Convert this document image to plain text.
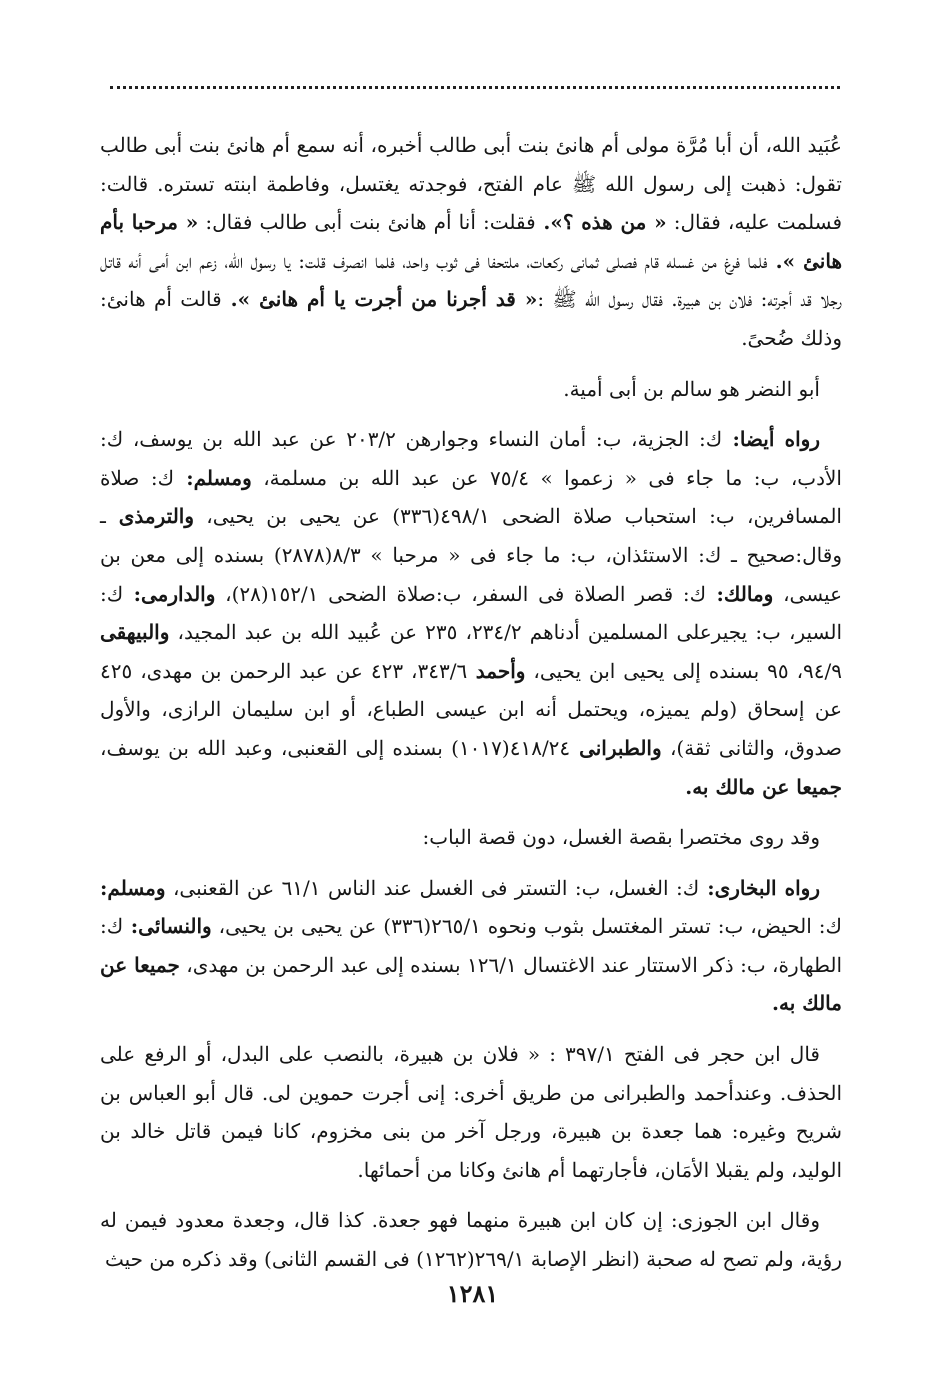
عُبَيد الله، أن أبا مُرَّة مولى أم هانئ بنت أبى طالب أخبره، أنه سمع أم هانئ بنت أبى طالب تقول: ذهبت إلى رسول الله ﷺ عام الفتح، فوجدته يغتسل، وفاطمة ابنته تستره. قالت: فسلمت عليه، فقال: « من هذه ؟». فقلت: أنا أم هانئ بنت أبى طالب فقال: « مرحبا بأم هانئ ». فلما فرغ من غسله قام فصلى ثمانى ركعات، ملتحفا فى ثوب واحد، فلما انصرف قلت: يا رسول الله، زعم ابن أمى أنه قاتل رجلا قد أجرته: فلان بن هبيرة. فقال رسول الله ﷺ :« قد أجرنا من أجرت يا أم هانئ ». قالت أم هانئ: وذلك ضُحىً.

أبو النضر هو سالم بن أبى أمية.

رواه أيضا: ك: الجزية، ب: أمان النساء وجوارهن ٢٠٣/٢ عن عبد الله بن يوسف، ك: الأدب، ب: ما جاء فى « زعموا » ٧٥/٤ عن عبد الله بن مسلمة، ومسلم: ك: صلاة المسافرين، ب: استحباب صلاة الضحى ٤٩٨/١(٣٣٦) عن يحيى بن يحيى، والترمذى ـ وقال:صحيح ـ ك: الاستئذان، ب: ما جاء فى « مرحبا » ٨/٣(٢٨٧٨) بسنده إلى معن بن عيسى، ومالك: ك: قصر الصلاة فى السفر، ب:صلاة الضحى ١٥٢/١(٢٨)، والدارمى: ك: السير، ب: يجيرعلى المسلمين أدناهم ٢٣٤/٢، ٢٣٥ عن عُبيد الله بن عبد المجيد، والبيهقى ٩٤/٩، ٩٥ بسنده إلى يحيى ابن يحيى، وأحمد ٣٤٣/٦، ٤٢٣ عن عبد الرحمن بن مهدى، ٤٢٥ عن إسحاق (ولم يميزه، ويحتمل أنه ابن عيسى الطباع، أو ابن سليمان الرازى، والأول صدوق، والثانى ثقة)، والطبرانى ٤١٨/٢٤(١٠١٧) بسنده إلى القعنبى، وعبد الله بن يوسف، جميعا عن مالك به.

وقد روى مختصرا بقصة الغسل، دون قصة الباب:

رواه البخارى: ك: الغسل، ب: التستر فى الغسل عند الناس ٦١/١ عن القعنبى، ومسلم: ك: الحيض، ب: تستر المغتسل بثوب ونحوه ٢٦٥/١(٣٣٦) عن يحيى بن يحيى، والنسائى: ك: الطهارة، ب: ذكر الاستتار عند الاغتسال ١٢٦/١ بسنده إلى عبد الرحمن بن مهدى، جميعا عن مالك به.

قال ابن حجر فى الفتح ٣٩٧/١ : « فلان بن هبيرة، بالنصب على البدل، أو الرفع على الحذف. وعندأحمد والطبرانى من طريق أخرى: إنى أجرت حموين لى. قال أبو العباس بن شريح وغيره: هما جعدة بن هبيرة، ورجل آخر من بنى مخزوم، كانا فيمن قاتل خالد بن الوليد، ولم يقبلا الأمَان، فأجارتهما أم هانئ وكانا من أحمائها.

وقال ابن الجوزى: إن كان ابن هبيرة منهما فهو جعدة. كذا قال، وجعدة معدود فيمن له رؤية، ولم تصح له صحبة (انظر الإصابة ٢٦٩/١(١٢٦٢) فى القسم الثانى) وقد ذكره من حيث

١٢٨١
